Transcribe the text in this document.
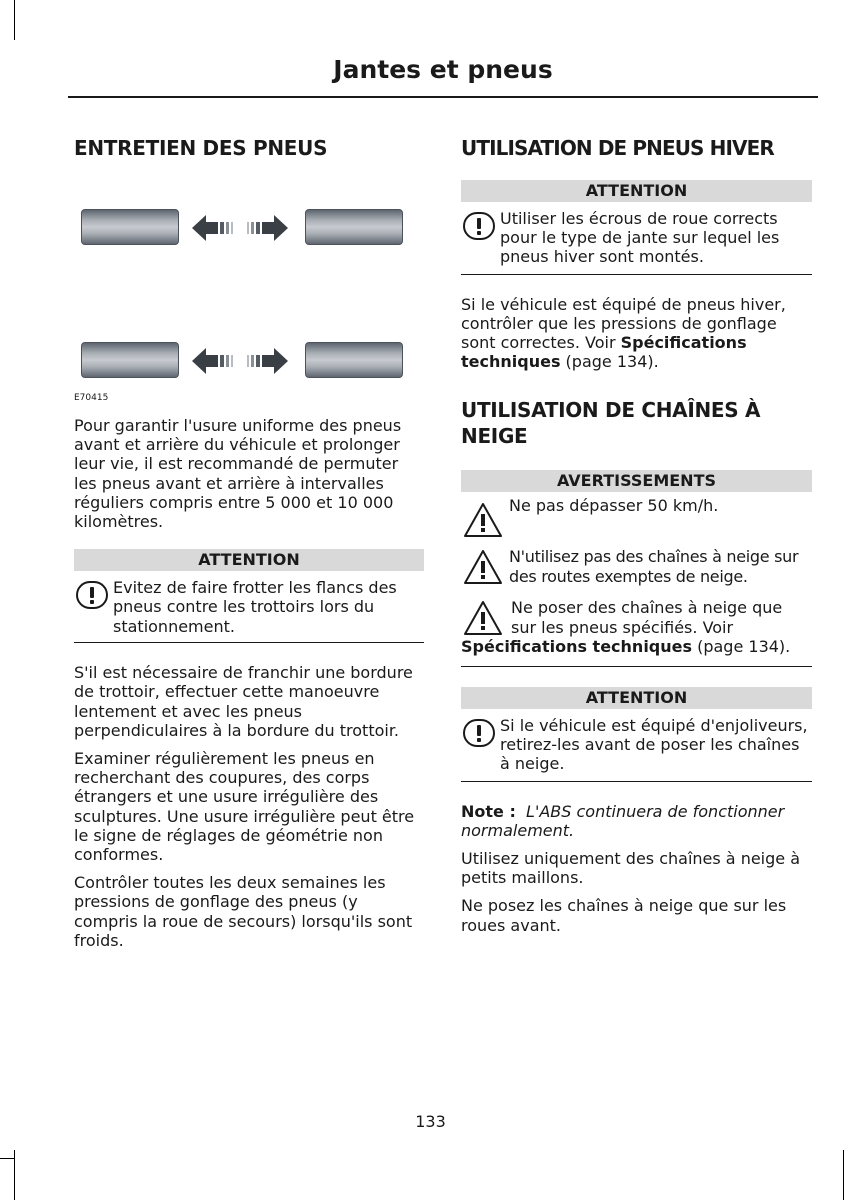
Jantes et pneus
ENTRETIEN DES PNEUS
E70415

Pour garantir l'usure uniforme des pneus avant et arrière du véhicule et prolonger leur vie, il est recommandé de permuter les pneus avant et arrière à intervalles réguliers compris entre 5 000 et 10 000 kilomètres.

ATTENTION

Evitez de faire frotter les flancs des pneus contre les trottoirs lors du stationnement.

S'il est nécessaire de franchir une bordure de trottoir, effectuer cette manoeuvre lentement et avec les pneus perpendiculaires à la bordure du trottoir.

Examiner régulièrement les pneus en recherchant des coupures, des corps étrangers et une usure irrégulière des sculptures. Une usure irrégulière peut être le signe de réglages de géométrie non conformes.

Contrôler toutes les deux semaines les pressions de gonflage des pneus (y compris la roue de secours) lorsqu'ils sont froids.

UTILISATION DE PNEUS HIVER
ATTENTION

Utiliser les écrous de roue corrects pour le type de jante sur lequel les pneus hiver sont montés.

Si le véhicule est équipé de pneus hiver, contrôler que les pressions de gonflage sont correctes. Voir Spécifications techniques (page 134).

UTILISATION DE CHAÎNES À NEIGE
AVERTISSEMENTS

Ne pas dépasser 50 km/h.

N'utilisez pas des chaînes à neige sur des routes exemptes de neige.

Ne poser des chaînes à neige que sur les pneus spécifiés. Voir Spécifications techniques (page 134).

ATTENTION

Si le véhicule est équipé d'enjoliveurs, retirez-les avant de poser les chaînes à neige.

Note : L'ABS continuera de fonctionner normalement.

Utilisez uniquement des chaînes à neige à petits maillons.

Ne posez les chaînes à neige que sur les roues avant.

133
